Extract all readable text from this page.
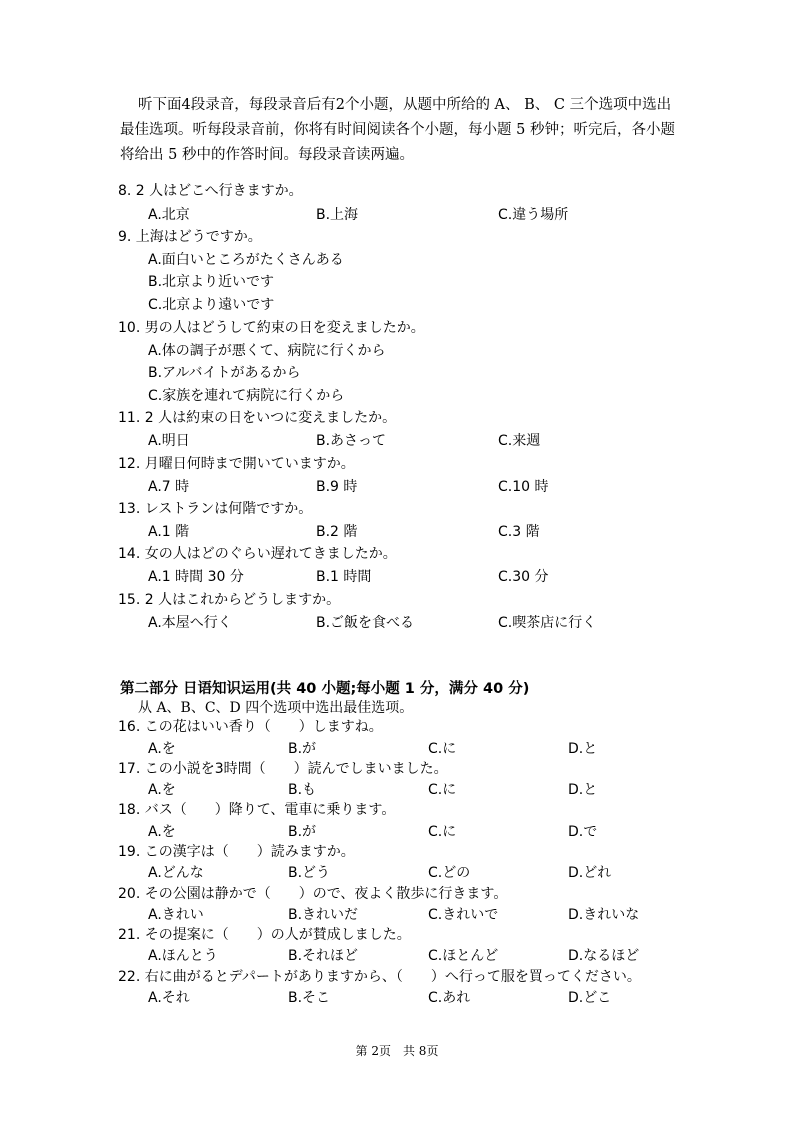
听下面4段录音，每段录音后有2个小题，从题中所给的 A、 B、 C 三个选项中选出最佳选项。听每段录音前，你将有时间阅读各个小题，每小题 5 秒钟；听完后，各小题将给出 5 秒中的作答时间。每段录音读两遍。
8. 2 人はどこへ行きますか。
A.北京	B.上海	C.違う場所
9. 上海はどうですか。
A.面白いところがたくさんある
B.北京より近いです
C.北京より遠いです
10. 男の人はどうして約束の日を変えましたか。
A.体の調子が悪くて、病院に行くから
B.アルバイトがあるから
C.家族を連れて病院に行くから
11. 2 人は約束の日をいつに変えましたか。
A.明日	B.あさって	C.来週
12. 月曜日何時まで開いていますか。
A.7 時	B.9 時	C.10 時
13. レストランは何階ですか。
A.1 階	B.2 階	C.3 階
14. 女の人はどのぐらい遅れてきましたか。
A.1 時間 30 分	B.1 時間	C.30 分
15. 2 人はこれからどうしますか。
A.本屋へ行く	B.ご飯を食べる	C.喫茶店に行く
第二部分 日语知识运用(共 40 小题;每小题 1 分，满分 40 分)
从 A、B、C、D 四个选项中选出最佳选项。
16. この花はいい香り（　　）しますね。
A.を	B.が	C.に	D.と
17. この小説を3時間（　　）読んでしまいました。
A.を	B.も	C.に	D.と
18. バス（　　）降りて、電車に乗ります。
A.を	B.が	C.に	D.で
19. この漢字は（　　）読みますか。
A.どんな	B.どう	C.どの	D.どれ
20. その公園は静かで（　　）ので、夜よく散歩に行きます。
A.きれい	B.きれいだ	C.きれいで	D.きれいな
21. その提案に（　　）の人が賛成しました。
A.ほんとう	B.それほど	C.ほとんど	D.なるほど
22. 右に曲がるとデパートがありますから、（　　）へ行って服を買ってください。
A.それ	B.そこ	C.あれ	D.どこ
第 2页　共 8页
